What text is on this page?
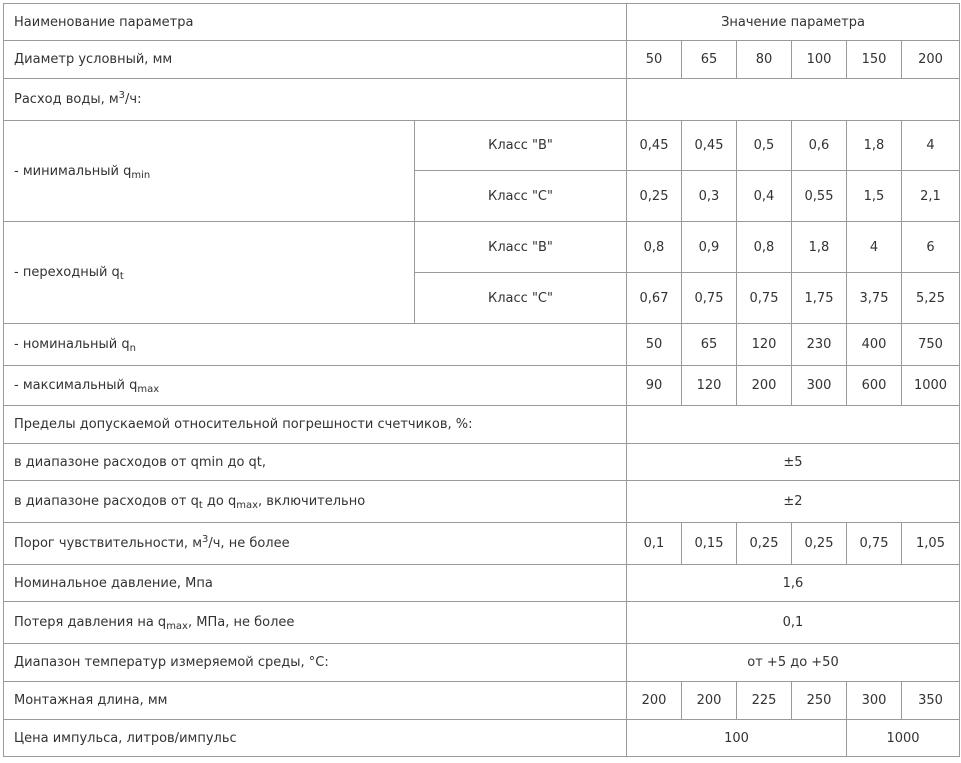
Наименование параметра		Значение параметра					
Диаметр условный, мм		50	65	80	100	150	200
Расход воды, $м^3/ч$:							
- минимальный $q_{min}$	Класс "B"	0,45	0,45	0,5	0,6	1,8	4
	Класс "C"	0,25	0,3	0,4	0,55	1,5	2,1
- переходный $q_t$	Класс "B"	0,8	0,9	0,8	1,8	4	6
	Класс "C"	0,67	0,75	0,75	1,75	3,75	5,25
- номинальный $q_n$		50	65	120	230	400	750
- максимальный $q_{max}$		90	120	200	300	600	1000
Пределы допускаемой относительной погрешности счетчиков, %:							
в диапазоне расходов от qmin до qt,		±5					
в диапазоне расходов от $q_t$ до $q_{max}$, включительно		±2					
Порог чувствительности, $м^3/ч$, не более		0,1	0,15	0,25	0,25	0,75	1,05
Номинальное давление, Мпа		1,6					
Потеря давления на $q_{max}$, МПа, не более		0,1					
Диапазон температур измеряемой среды, °С:		от +5 до +50					
Монтажная длина, мм		200	200	225	250	300	350
Цена импульса, литров/импульс		100				1000	
